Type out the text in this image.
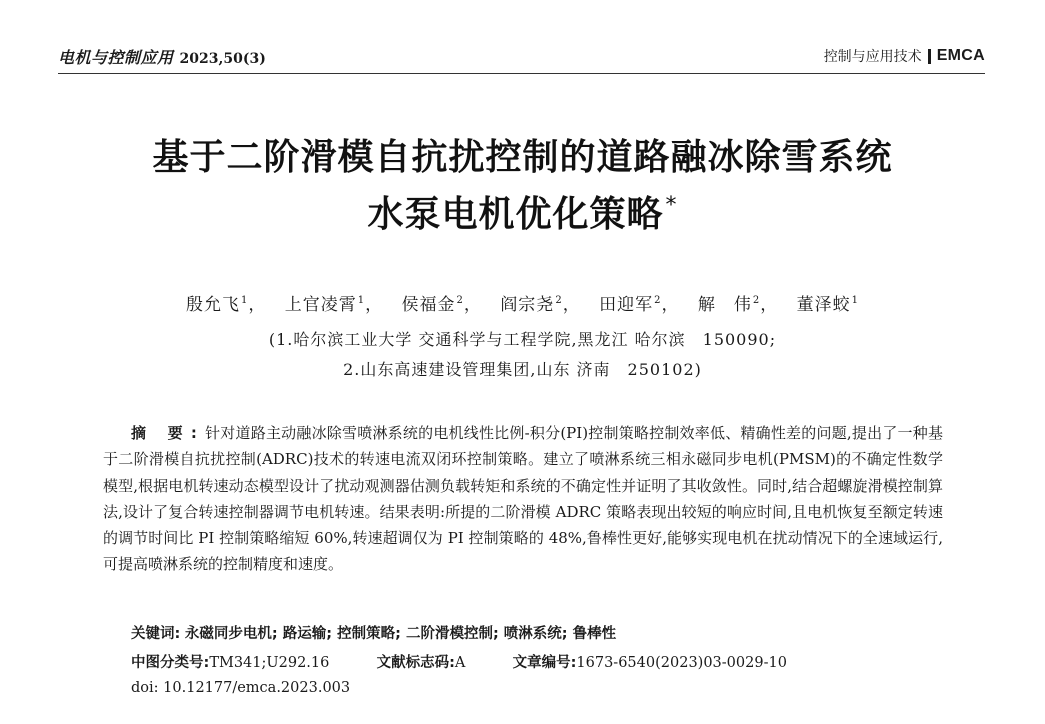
电机与控制应用 2023,50(3)	控制与应用技术 EMCA
基于二阶滑模自抗扰控制的道路融冰除雪系统
水泵电机优化策略*
殷允飞$^1$， 上官凌霄$^1$， 侯福金$^2$， 阎宗尧$^2$， 田迎军$^2$， 解　伟$^2$， 董泽蛟$^1$
(1.哈尔滨工业大学 交通科学与工程学院,黑龙江 哈尔滨　150090;
2.山东高速建设管理集团,山东 济南　250102)
摘 要:针对道路主动融冰除雪喷淋系统的电机线性比例-积分(PI)控制策略控制效率低、精确性差的问题,提出了一种基于二阶滑模自抗扰控制(ADRC)技术的转速电流双闭环控制策略。建立了喷淋系统三相永磁同步电机(PMSM)的不确定性数学模型,根据电机转速动态模型设计了扰动观测器估测负载转矩和系统的不确定性并证明了其收敛性。同时,结合超螺旋滑模控制算法,设计了复合转速控制器调节电机转速。结果表明:所提的二阶滑模 ADRC 策略表现出较短的响应时间,且电机恢复至额定转速的调节时间比 PI 控制策略缩短 60%,转速超调仅为 PI 控制策略的 48%,鲁棒性更好,能够实现电机在扰动情况下的全速域运行,可提高喷淋系统的控制精度和速度。
关键词: 永磁同步电机; 路运输; 控制策略; 二阶滑模控制; 喷淋系统; 鲁棒性
中图分类号:TM341;U292.16	文献标志码:A	文章编号:1673-6540(2023)03-0029-10
doi: 10.12177/emca.2023.003
